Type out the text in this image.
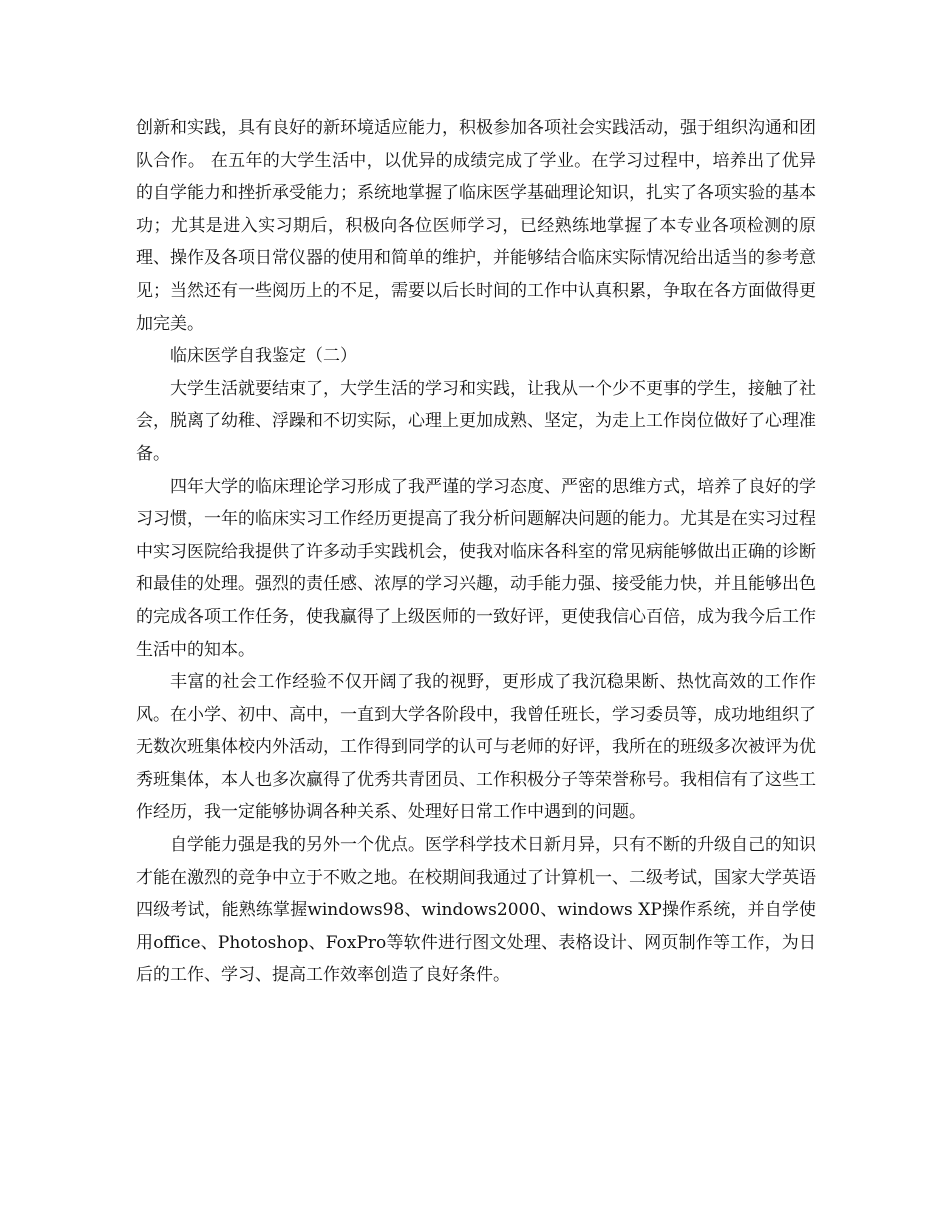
创新和实践，具有良好的新环境适应能力，积极参加各项社会实践活动，强于组织沟通和团队合作。 在五年的大学生活中，以优异的成绩完成了学业。在学习过程中，培养出了优异的自学能力和挫折承受能力；系统地掌握了临床医学基础理论知识，扎实了各项实验的基本功；尤其是进入实习期后，积极向各位医师学习，已经熟练地掌握了本专业各项检测的原理、操作及各项日常仪器的使用和简单的维护，并能够结合临床实际情况给出适当的参考意见；当然还有一些阅历上的不足，需要以后长时间的工作中认真积累，争取在各方面做得更加完美。

临床医学自我鉴定（二）

大学生活就要结束了，大学生活的学习和实践，让我从一个少不更事的学生，接触了社会，脱离了幼稚、浮躁和不切实际，心理上更加成熟、坚定，为走上工作岗位做好了心理准备。

四年大学的临床理论学习形成了我严谨的学习态度、严密的思维方式，培养了良好的学习习惯，一年的临床实习工作经历更提高了我分析问题解决问题的能力。尤其是在实习过程中实习医院给我提供了许多动手实践机会，使我对临床各科室的常见病能够做出正确的诊断和最佳的处理。强烈的责任感、浓厚的学习兴趣，动手能力强、接受能力快，并且能够出色的完成各项工作任务，使我赢得了上级医师的一致好评，更使我信心百倍，成为我今后工作生活中的知本。

丰富的社会工作经验不仅开阔了我的视野，更形成了我沉稳果断、热忱高效的工作作风。在小学、初中、高中，一直到大学各阶段中，我曾任班长，学习委员等，成功地组织了无数次班集体校内外活动，工作得到同学的认可与老师的好评，我所在的班级多次被评为优秀班集体，本人也多次赢得了优秀共青团员、工作积极分子等荣誉称号。我相信有了这些工作经历，我一定能够协调各种关系、处理好日常工作中遇到的问题。

自学能力强是我的另外一个优点。医学科学技术日新月异，只有不断的升级自己的知识才能在激烈的竞争中立于不败之地。在校期间我通过了计算机一、二级考试，国家大学英语四级考试，能熟练掌握windows98、windows2000、windows XP操作系统，并自学使用office、Photoshop、FoxPro等软件进行图文处理、表格设计、网页制作等工作，为日后的工作、学习、提高工作效率创造了良好条件。
